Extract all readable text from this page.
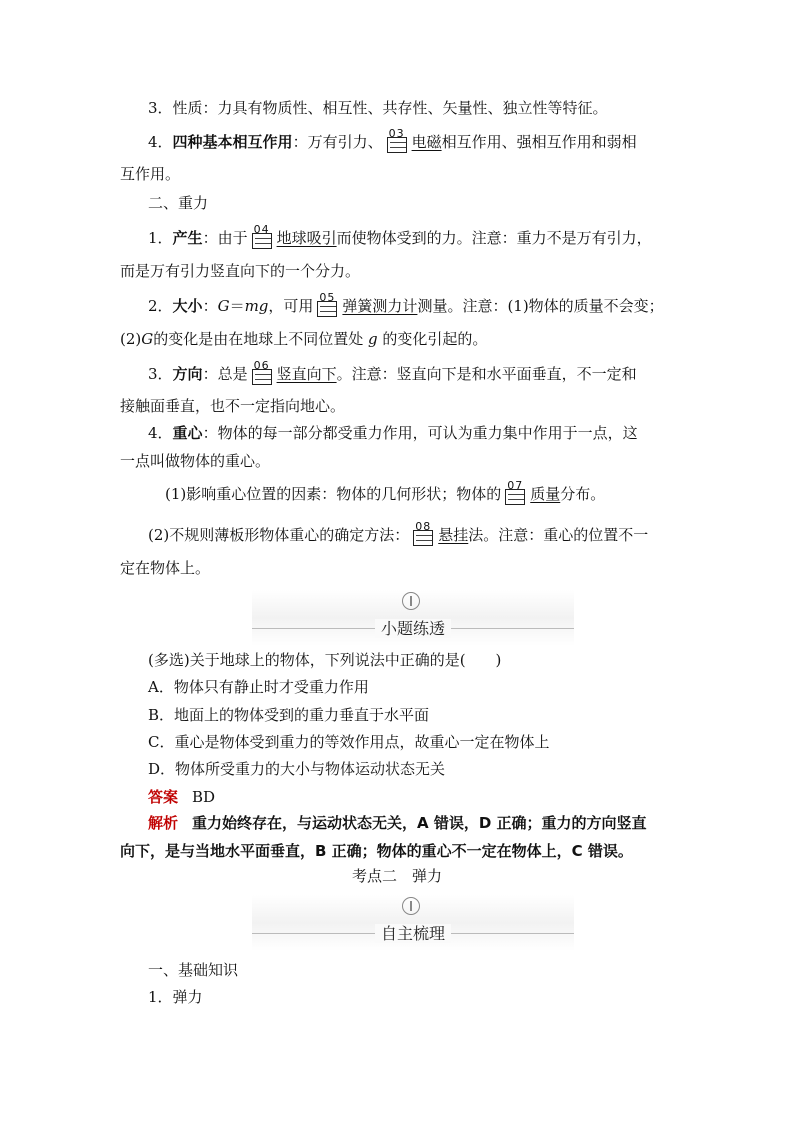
3．性质：力具有物质性、相互性、共存性、矢量性、独立性等特征。
4．四种基本相互作用：万有引力、 03 电磁相互作用、强相互作用和弱相
互作用。
二、重力
1．产生：由于 04 地球吸引而使物体受到的力。注意：重力不是万有引力，
而是万有引力竖直向下的一个分力。
2．大小：G＝mg，可用 05 弹簧测力计测量。注意：(1)物体的质量不会变；
(2)G的变化是由在地球上不同位置处 g 的变化引起的。
3．方向：总是 06 竖直向下。注意：竖直向下是和水平面垂直，不一定和
接触面垂直，也不一定指向地心。
4．重心：物体的每一部分都受重力作用，可认为重力集中作用于一点，这
一点叫做物体的重心。
(1)影响重心位置的因素：物体的几何形状；物体的 07 质量分布。
(2)不规则薄板形物体重心的确定方法： 08 悬挂法。注意：重心的位置不一
定在物体上。
小题练透
(多选)关于地球上的物体，下列说法中正确的是(　　)
A．物体只有静止时才受重力作用
B．地面上的物体受到的重力垂直于水平面
C．重心是物体受到重力的等效作用点，故重心一定在物体上
D．物体所受重力的大小与物体运动状态无关
答案 BD
解析 重力始终存在，与运动状态无关，A 错误，D 正确；重力的方向竖直
向下，是与当地水平面垂直，B 正确；物体的重心不一定在物体上，C 错误。
考点二　弹力
自主梳理
一、基础知识
1．弹力
